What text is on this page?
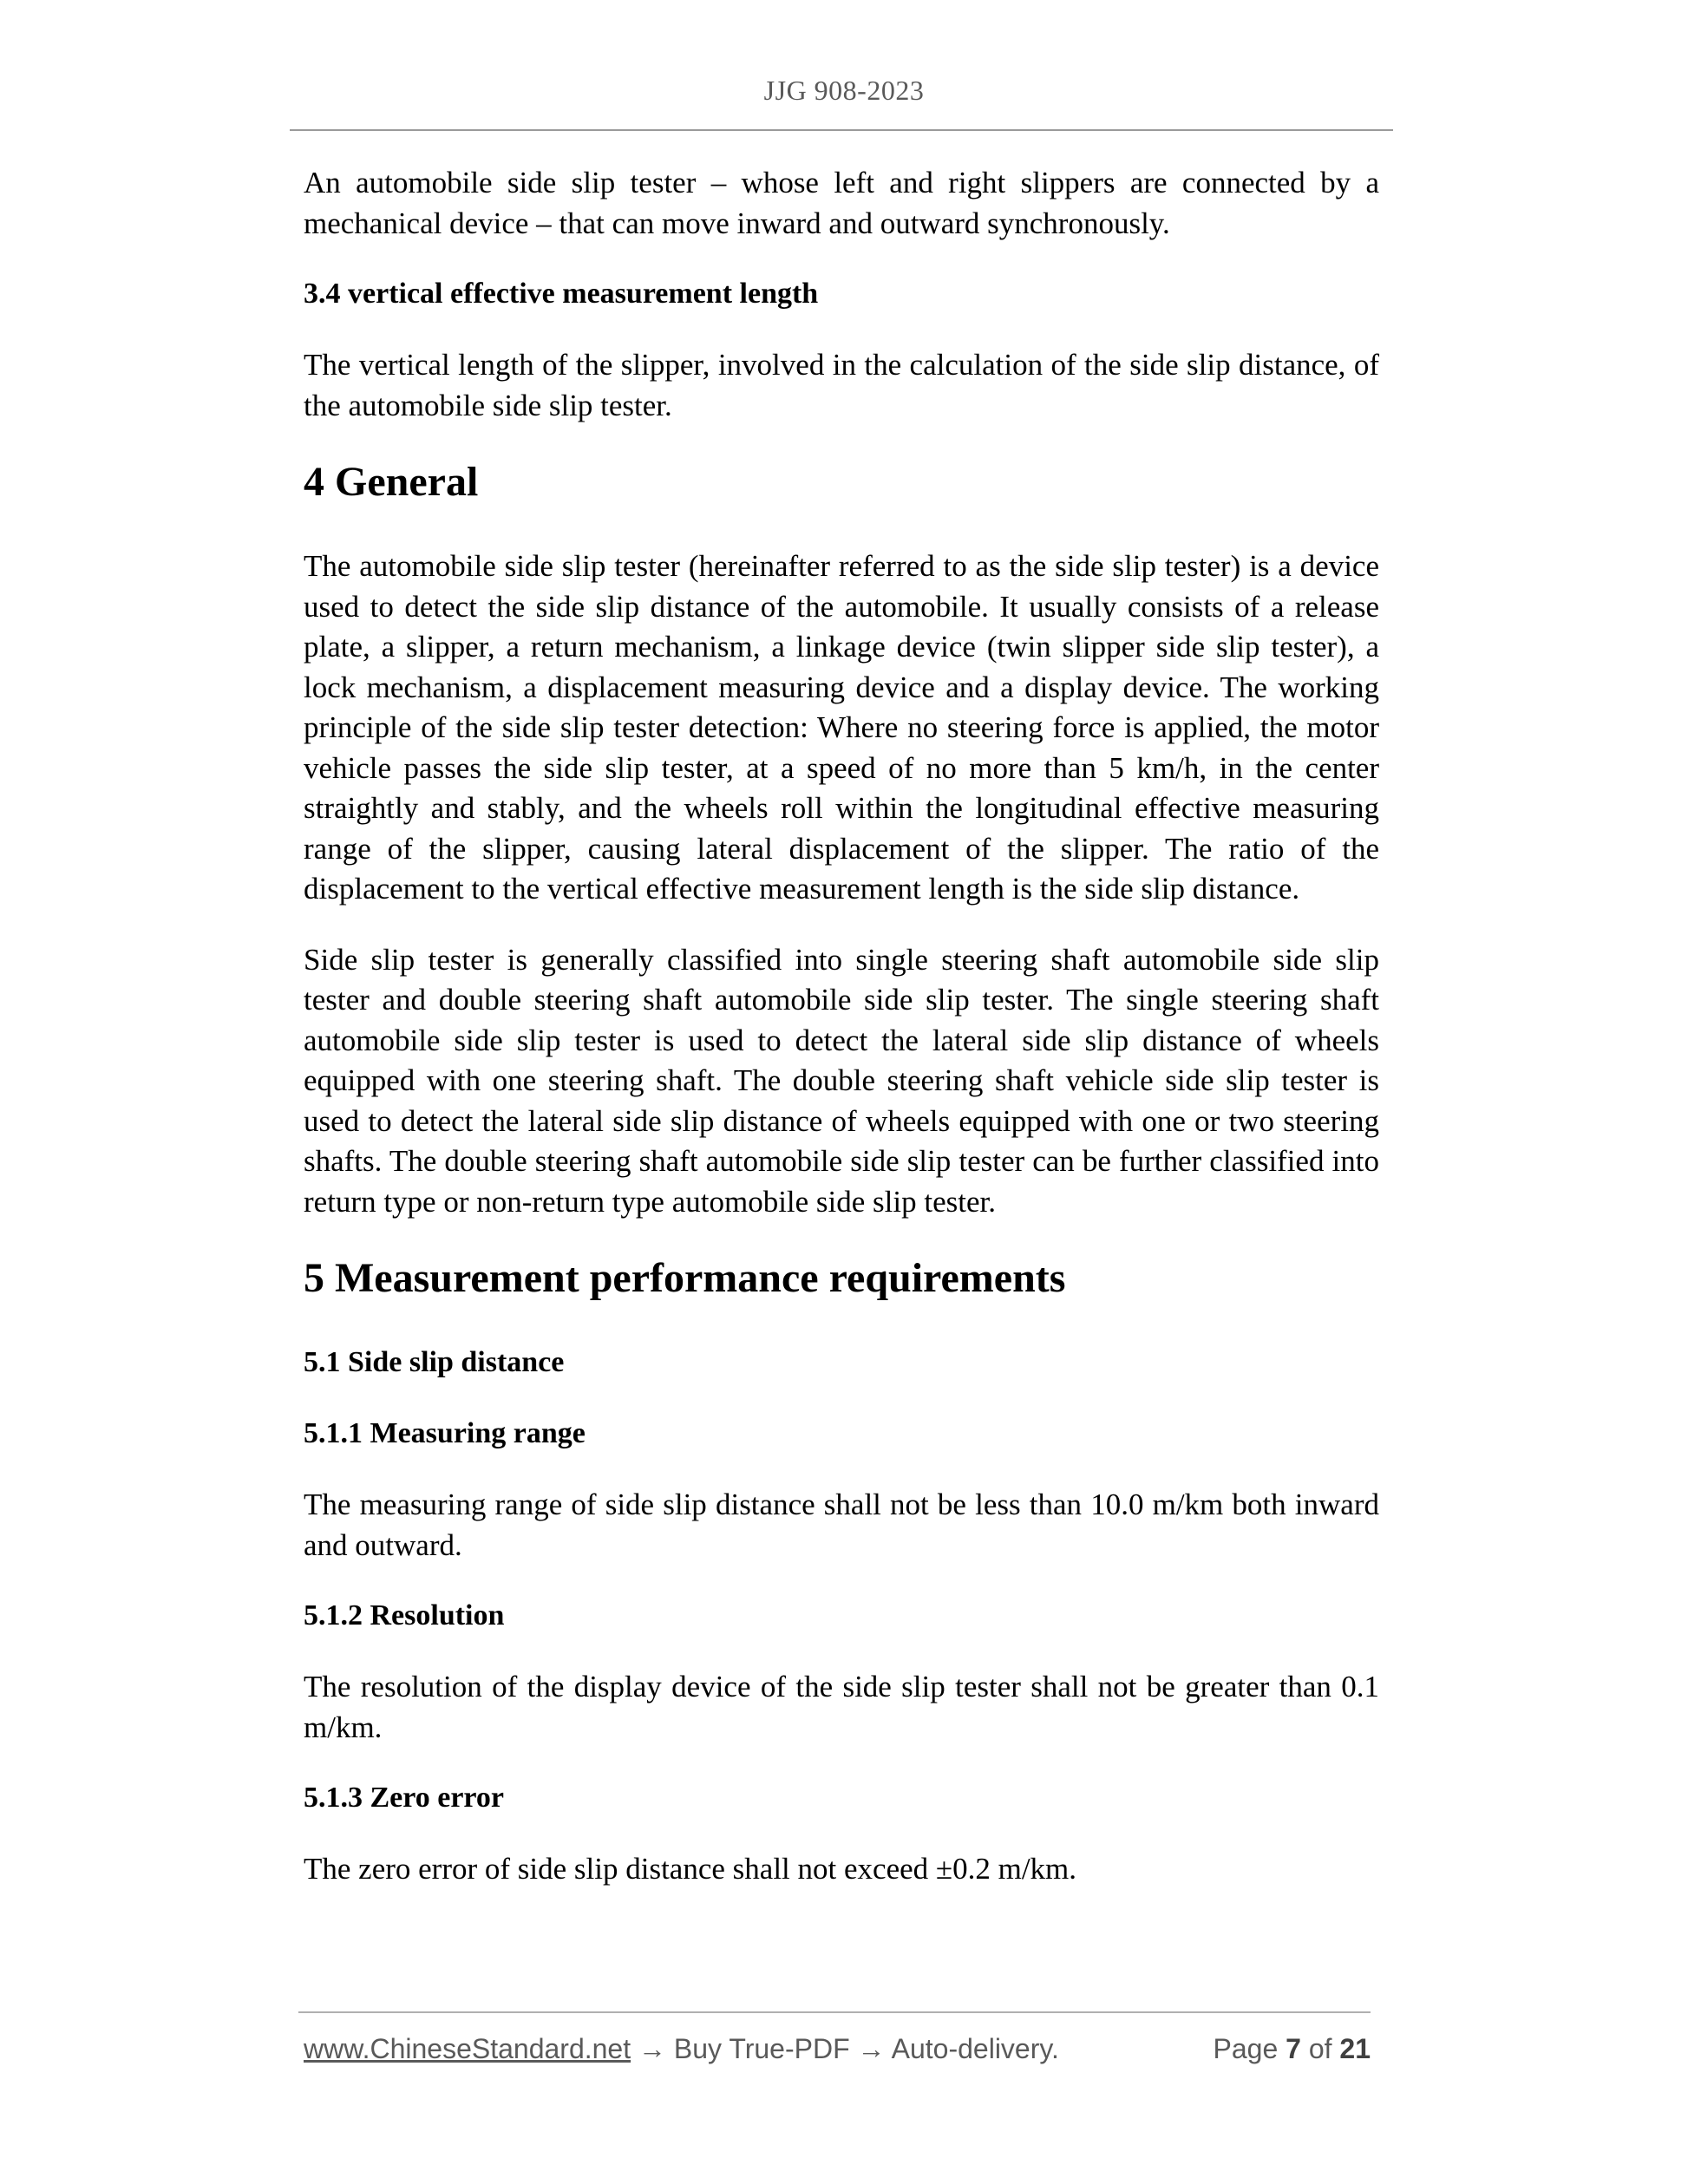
JJG 908-2023

An automobile side slip tester – whose left and right slippers are connected by a mechanical device – that can move inward and outward synchronously.

3.4 vertical effective measurement length

The vertical length of the slipper, involved in the calculation of the side slip distance, of the automobile side slip tester.

4 General

The automobile side slip tester (hereinafter referred to as the side slip tester) is a device used to detect the side slip distance of the automobile. It usually consists of a release plate, a slipper, a return mechanism, a linkage device (twin slipper side slip tester), a lock mechanism, a displacement measuring device and a display device. The working principle of the side slip tester detection: Where no steering force is applied, the motor vehicle passes the side slip tester, at a speed of no more than 5 km/h, in the center straightly and stably, and the wheels roll within the longitudinal effective measuring range of the slipper, causing lateral displacement of the slipper. The ratio of the displacement to the vertical effective measurement length is the side slip distance.

Side slip tester is generally classified into single steering shaft automobile side slip tester and double steering shaft automobile side slip tester. The single steering shaft automobile side slip tester is used to detect the lateral side slip distance of wheels equipped with one steering shaft. The double steering shaft vehicle side slip tester is used to detect the lateral side slip distance of wheels equipped with one or two steering shafts. The double steering shaft automobile side slip tester can be further classified into return type or non-return type automobile side slip tester.

5 Measurement performance requirements
5.1 Side slip distance
5.1.1 Measuring range

The measuring range of side slip distance shall not be less than 10.0 m/km both inward and outward.

5.1.2 Resolution

The resolution of the display device of the side slip tester shall not be greater than 0.1 m/km.

5.1.3 Zero error

The zero error of side slip distance shall not exceed ±0.2 m/km.

www.ChineseStandard.net → Buy True-PDF → Auto-delivery.	Page 7 of 21
